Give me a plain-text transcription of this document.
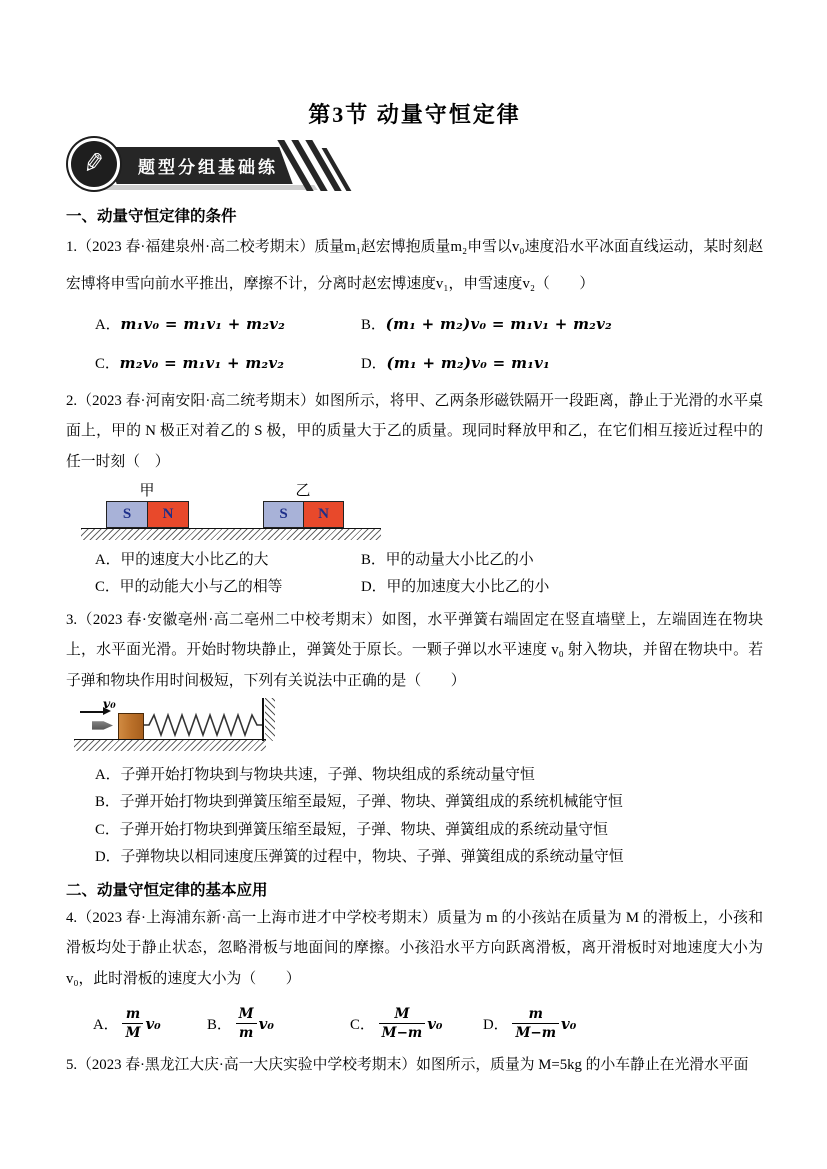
第3节 动量守恒定律
题型分组基础练
✎
一、动量守恒定律的条件

1.（2023 春·福建泉州·高二校考期末）质量m₁赵宏博抱质量m₂申雪以v₀速度沿水平冰面直线运动，某时刻赵宏博将申雪向前水平推出，摩擦不计，分离时赵宏博速度v₁，申雪速度v₂（　　）

A．m₁v₀ = m₁v₁ + m₂v₂	B．(m₁ + m₂)v₀ = m₁v₁ + m₂v₂
C．m₂v₀ = m₁v₁ + m₂v₂	D．(m₁ + m₂)v₀ = m₁v₁

2.（2023 春·河南安阳·高二统考期末）如图所示，将甲、乙两条形磁铁隔开一段距离，静止于光滑的水平桌面上，甲的 N 极正对着乙的 S 极，甲的质量大于乙的质量。现同时释放甲和乙，在它们相互接近过程中的任一时刻（　）

甲	乙
S	N	S	N
A．甲的速度大小比乙的大	B．甲的动量大小比乙的小
C．甲的动能大小与乙的相等	D．甲的加速度大小比乙的小

3.（2023 春·安徽亳州·高二亳州二中校考期末）如图，水平弹簧右端固定在竖直墙壁上，左端固连在物块上，水平面光滑。开始时物块静止，弹簧处于原长。一颗子弹以水平速度 v₀ 射入物块，并留在物块中。若子弹和物块作用时间极短，下列有关说法中正确的是（　　）

v₀
A．子弹开始打物块到与物块共速，子弹、物块组成的系统动量守恒
B．子弹开始打物块到弹簧压缩至最短，子弹、物块、弹簧组成的系统机械能守恒
C．子弹开始打物块到弹簧压缩至最短，子弹、物块、弹簧组成的系统动量守恒
D．子弹物块以相同速度压弹簧的过程中，物块、子弹、弹簧组成的系统动量守恒
二、动量守恒定律的基本应用

4.（2023 春·上海浦东新·高一上海市进才中学校考期末）质量为 m 的小孩站在质量为 M 的滑板上，小孩和滑板均处于静止状态，忽略滑板与地面间的摩擦。小孩沿水平方向跃离滑板，离开滑板时对地速度大小为 v₀，此时滑板的速度大小为（　　）

A． $\frac{m}{M} v_0$	B． $\frac{M}{m} v_0$	C． $\frac{M}{M-m} v_0$	D． $\frac{m}{M-m} v_0$

5.（2023 春·黑龙江大庆·高一大庆实验中学校考期末）如图所示，质量为 M=5kg 的小车静止在光滑水平面
